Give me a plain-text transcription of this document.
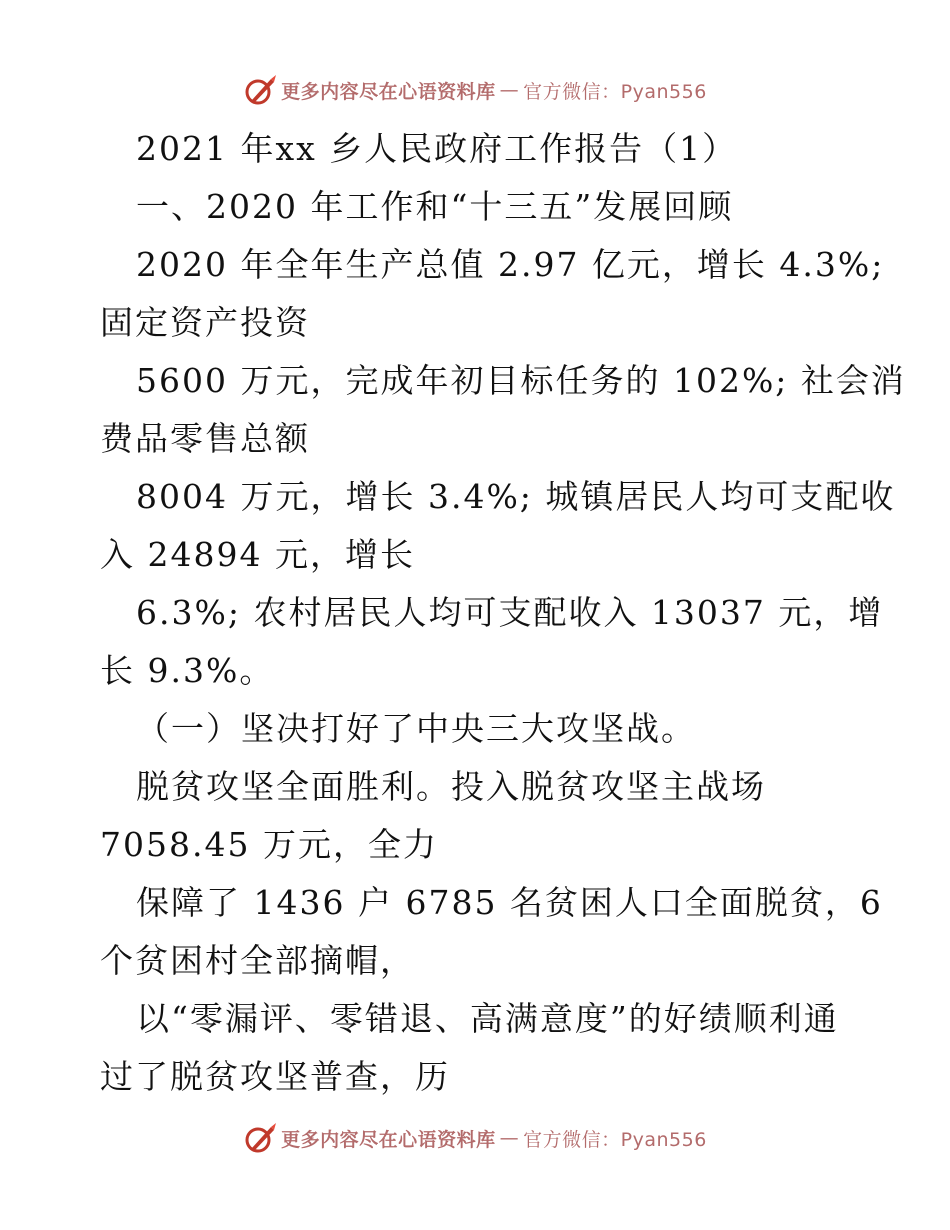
更多内容尽在心语资料库 — 官方微信：Pyan556
2021 年xx 乡人民政府工作报告（1）
一、2020 年工作和“十三五”发展回顾
2020 年全年生产总值 2.97 亿元，增长 4.3%;
固定资产投资
5600 万元，完成年初目标任务的 102%; 社会消
费品零售总额
8004 万元，增长 3.4%; 城镇居民人均可支配收
入 24894 元，增长
6.3%; 农村居民人均可支配收入 13037 元，增
长 9.3%。
（一）坚决打好了中央三大攻坚战。
脱贫攻坚全面胜利。投入脱贫攻坚主战场
7058.45 万元，全力
保障了 1436 户 6785 名贫困人口全面脱贫，6
个贫困村全部摘帽，
以“零漏评、零错退、高满意度”的好绩顺利通
过了脱贫攻坚普查，历
更多内容尽在心语资料库 — 官方微信：Pyan556
